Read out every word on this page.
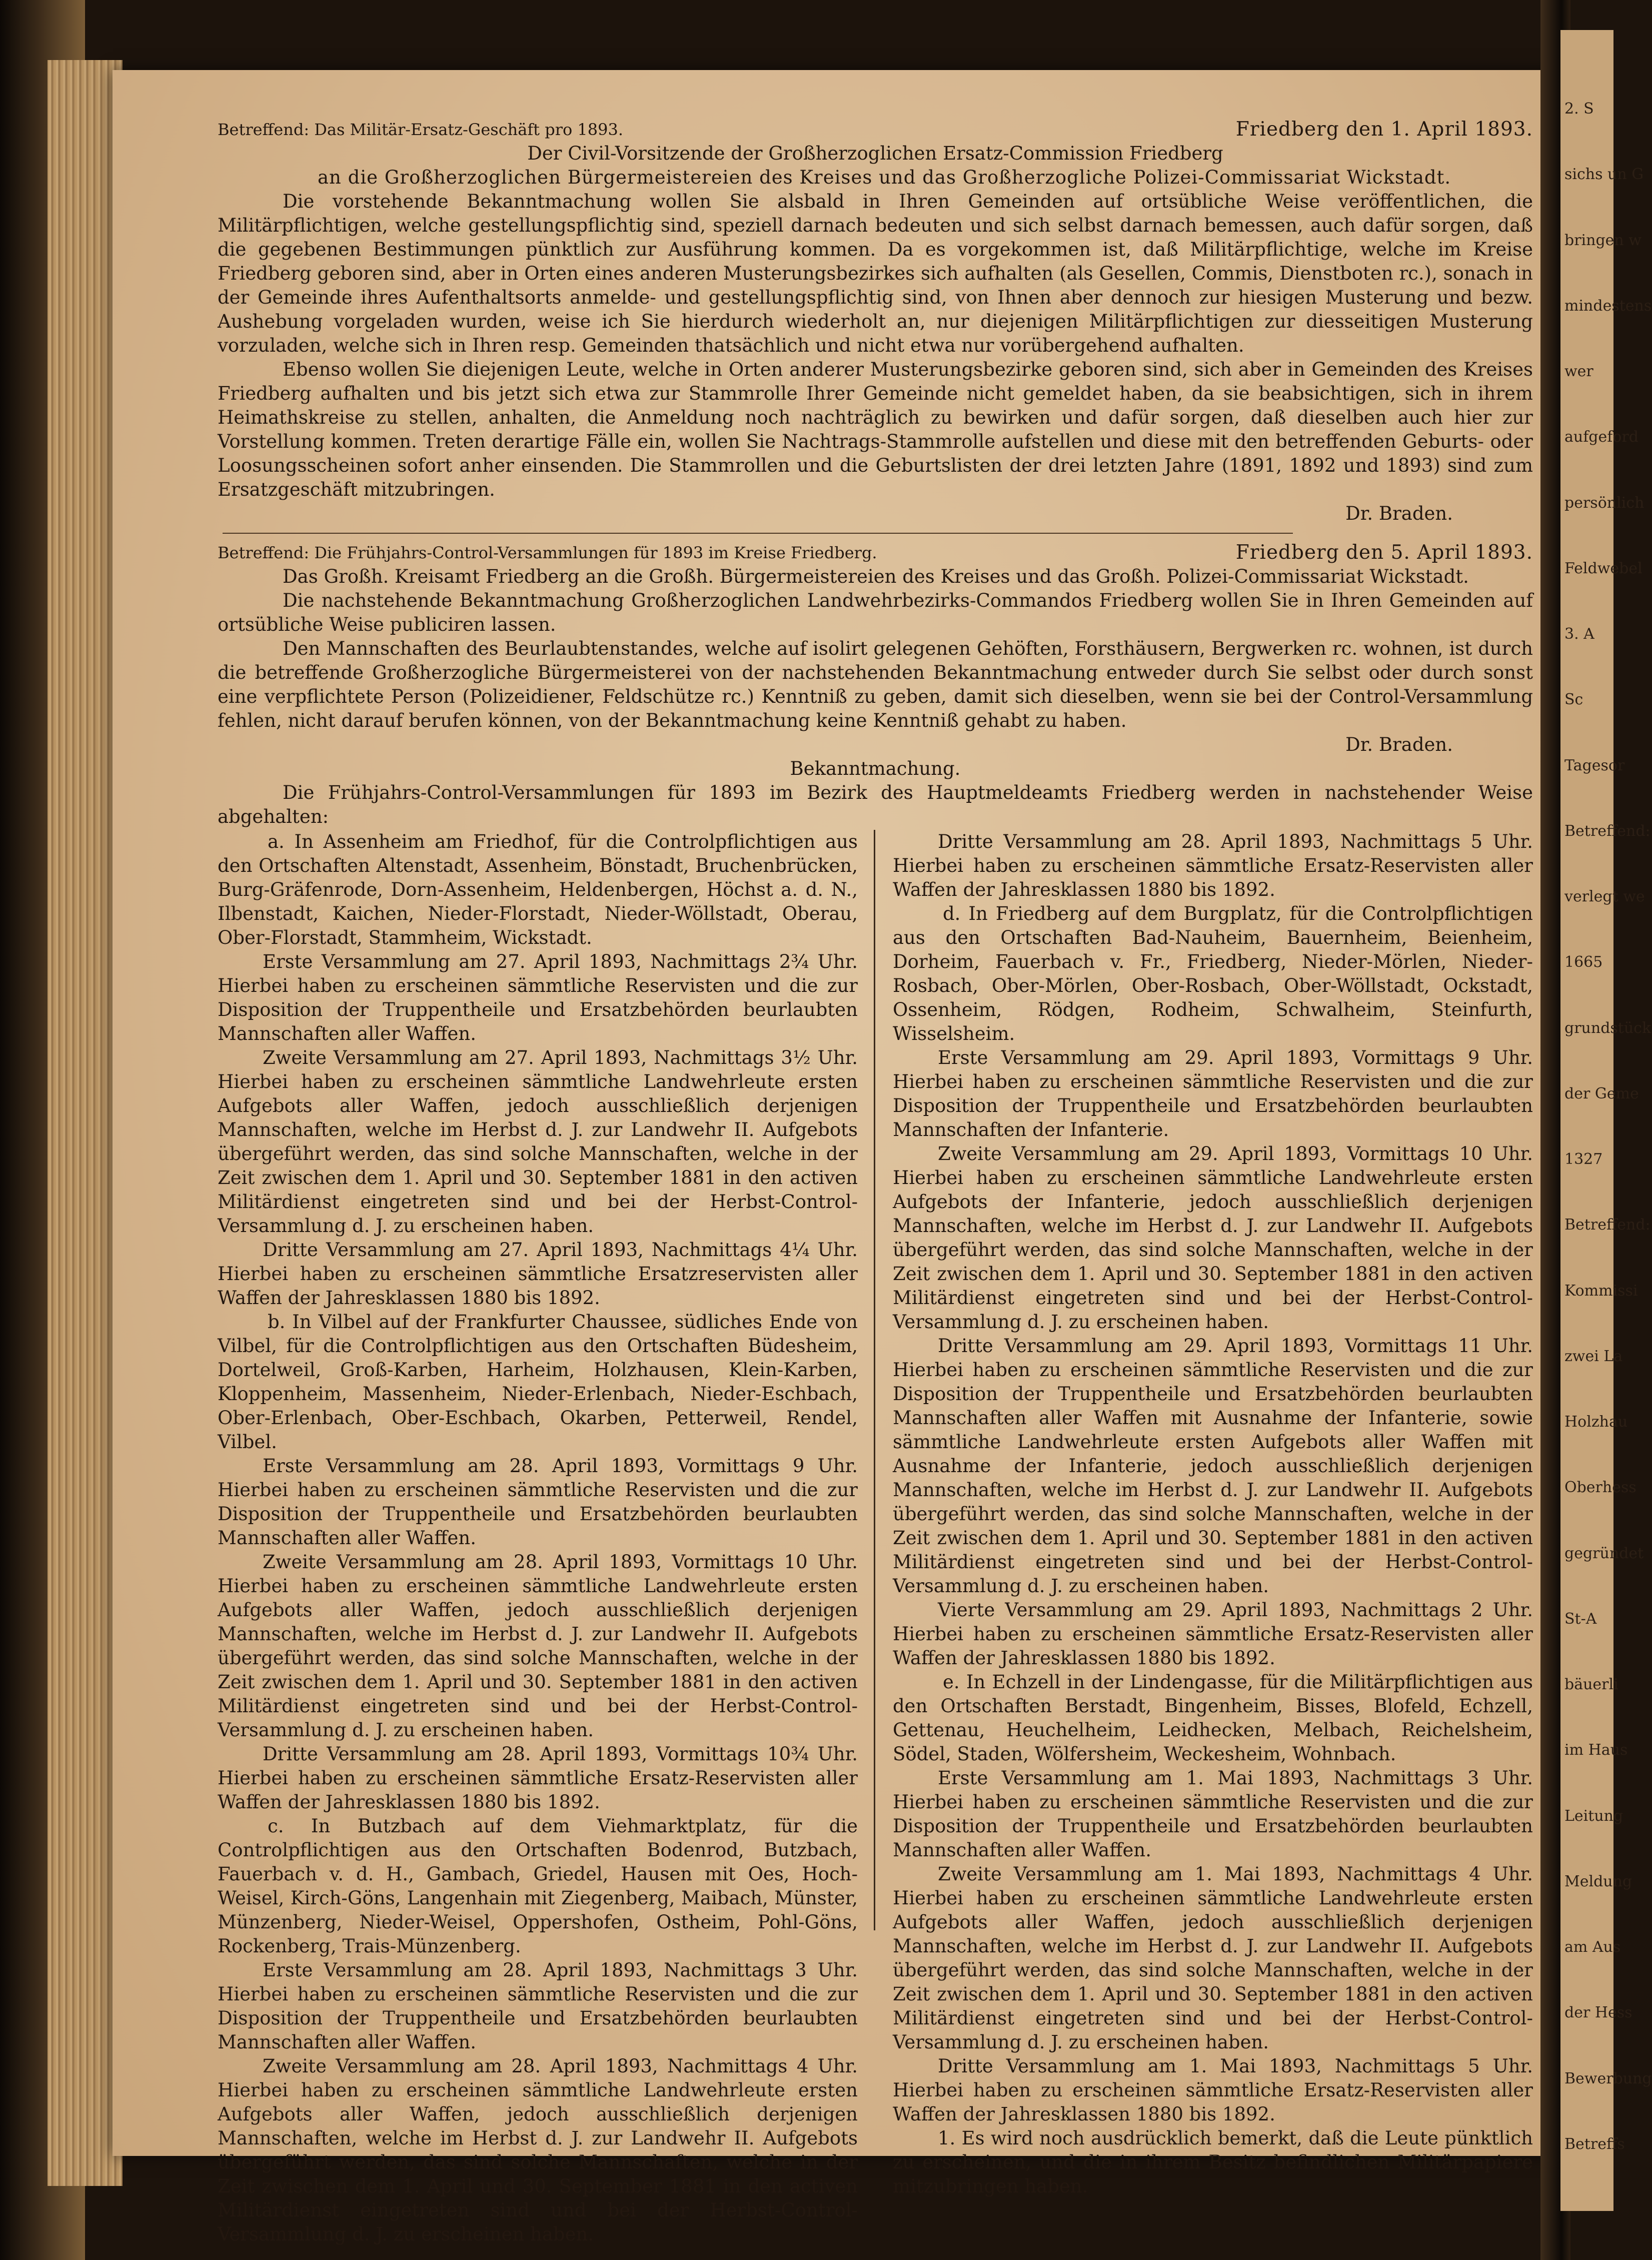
Betreffend: Das Militär-Ersatz-Geschäft pro 1893.	Friedberg den 1. April 1893.
Der Civil-Vorsitzende der Großherzoglichen Ersatz-Commission Friedberg
an die Großherzoglichen Bürgermeistereien des Kreises und das Großherzogliche Polizei-Commissariat Wickstadt.

Die vorstehende Bekanntmachung wollen Sie alsbald in Ihren Gemeinden auf ortsübliche Weise veröffentlichen, die Militärpflichtigen, welche gestellungspflichtig sind, speziell darnach bedeuten und sich selbst darnach bemessen, auch dafür sorgen, daß die gegebenen Bestimmungen pünktlich zur Ausführung kommen. Da es vorgekommen ist, daß Militärpflichtige, welche im Kreise Friedberg geboren sind, aber in Orten eines anderen Musterungsbezirkes sich aufhalten (als Gesellen, Commis, Dienstboten rc.), sonach in der Gemeinde ihres Aufenthaltsorts anmelde- und gestellungspflichtig sind, von Ihnen aber dennoch zur hiesigen Musterung und bezw. Aushebung vorgeladen wurden, weise ich Sie hierdurch wiederholt an, nur diejenigen Militärpflichtigen zur diesseitigen Musterung vorzuladen, welche sich in Ihren resp. Gemeinden thatsächlich und nicht etwa nur vorübergehend aufhalten.

Ebenso wollen Sie diejenigen Leute, welche in Orten anderer Musterungsbezirke geboren sind, sich aber in Gemeinden des Kreises Friedberg aufhalten und bis jetzt sich etwa zur Stammrolle Ihrer Gemeinde nicht gemeldet haben, da sie beabsichtigen, sich in ihrem Heimathskreise zu stellen, anhalten, die Anmeldung noch nachträglich zu bewirken und dafür sorgen, daß dieselben auch hier zur Vorstellung kommen. Treten derartige Fälle ein, wollen Sie Nachtrags-Stammrolle aufstellen und diese mit den betreffenden Geburts- oder Loosungsscheinen sofort anher einsenden. Die Stammrollen und die Geburtslisten der drei letzten Jahre (1891, 1892 und 1893) sind zum Ersatzgeschäft mitzubringen.

Dr. Braden.
Betreffend: Die Frühjahrs-Control-Versammlungen für 1893 im Kreise Friedberg.	Friedberg den 5. April 1893.

Das Großh. Kreisamt Friedberg an die Großh. Bürgermeistereien des Kreises und das Großh. Polizei-Commissariat Wickstadt.

Die nachstehende Bekanntmachung Großherzoglichen Landwehrbezirks-Commandos Friedberg wollen Sie in Ihren Gemeinden auf ortsübliche Weise publiciren lassen.

Den Mannschaften des Beurlaubtenstandes, welche auf isolirt gelegenen Gehöften, Forsthäusern, Bergwerken rc. wohnen, ist durch die betreffende Großherzogliche Bürgermeisterei von der nachstehenden Bekanntmachung entweder durch Sie selbst oder durch sonst eine verpflichtete Person (Polizeidiener, Feldschütze rc.) Kenntniß zu geben, damit sich dieselben, wenn sie bei der Control-Versammlung fehlen, nicht darauf berufen können, von der Bekanntmachung keine Kenntniß gehabt zu haben.

Dr. Braden.
Bekanntmachung.

Die Frühjahrs-Control-Versammlungen für 1893 im Bezirk des Hauptmeldeamts Friedberg werden in nachstehender Weise abgehalten:

a. In Assenheim am Friedhof, für die Controlpflichtigen aus den Ortschaften Altenstadt, Assenheim, Bönstadt, Bruchenbrücken, Burg-Gräfenrode, Dorn-Assenheim, Heldenbergen, Höchst a. d. N., Ilbenstadt, Kaichen, Nieder-Florstadt, Nieder-Wöllstadt, Oberau, Ober-Florstadt, Stammheim, Wickstadt.

Erste Versammlung am 27. April 1893, Nachmittags 2¾ Uhr. Hierbei haben zu erscheinen sämmtliche Reservisten und die zur Disposition der Truppentheile und Ersatzbehörden beurlaubten Mannschaften aller Waffen.

Zweite Versammlung am 27. April 1893, Nachmittags 3½ Uhr. Hierbei haben zu erscheinen sämmtliche Landwehrleute ersten Aufgebots aller Waffen, jedoch ausschließlich derjenigen Mannschaften, welche im Herbst d. J. zur Landwehr II. Aufgebots übergeführt werden, das sind solche Mannschaften, welche in der Zeit zwischen dem 1. April und 30. September 1881 in den activen Militärdienst eingetreten sind und bei der Herbst-Control-Versammlung d. J. zu erscheinen haben.

Dritte Versammlung am 27. April 1893, Nachmittags 4¼ Uhr. Hierbei haben zu erscheinen sämmtliche Ersatzreservisten aller Waffen der Jahresklassen 1880 bis 1892.

b. In Vilbel auf der Frankfurter Chaussee, südliches Ende von Vilbel, für die Controlpflichtigen aus den Ortschaften Büdesheim, Dortelweil, Groß-Karben, Harheim, Holzhausen, Klein-Karben, Kloppenheim, Massenheim, Nieder-Erlenbach, Nieder-Eschbach, Ober-Erlenbach, Ober-Eschbach, Okarben, Petterweil, Rendel, Vilbel.

Erste Versammlung am 28. April 1893, Vormittags 9 Uhr. Hierbei haben zu erscheinen sämmtliche Reservisten und die zur Disposition der Truppentheile und Ersatzbehörden beurlaubten Mannschaften aller Waffen.

Zweite Versammlung am 28. April 1893, Vormittags 10 Uhr. Hierbei haben zu erscheinen sämmtliche Landwehrleute ersten Aufgebots aller Waffen, jedoch ausschließlich derjenigen Mannschaften, welche im Herbst d. J. zur Landwehr II. Aufgebots übergeführt werden, das sind solche Mannschaften, welche in der Zeit zwischen dem 1. April und 30. September 1881 in den activen Militärdienst eingetreten sind und bei der Herbst-Control-Versammlung d. J. zu erscheinen haben.

Dritte Versammlung am 28. April 1893, Vormittags 10¾ Uhr. Hierbei haben zu erscheinen sämmtliche Ersatz-Reservisten aller Waffen der Jahresklassen 1880 bis 1892.

c. In Butzbach auf dem Viehmarktplatz, für die Controlpflichtigen aus den Ortschaften Bodenrod, Butzbach, Fauerbach v. d. H., Gambach, Griedel, Hausen mit Oes, Hoch-Weisel, Kirch-Göns, Langenhain mit Ziegenberg, Maibach, Münster, Münzenberg, Nieder-Weisel, Oppershofen, Ostheim, Pohl-Göns, Rockenberg, Trais-Münzenberg.

Erste Versammlung am 28. April 1893, Nachmittags 3 Uhr. Hierbei haben zu erscheinen sämmtliche Reservisten und die zur Disposition der Truppentheile und Ersatzbehörden beurlaubten Mannschaften aller Waffen.

Zweite Versammlung am 28. April 1893, Nachmittags 4 Uhr. Hierbei haben zu erscheinen sämmtliche Landwehrleute ersten Aufgebots aller Waffen, jedoch ausschließlich derjenigen Mannschaften, welche im Herbst d. J. zur Landwehr II. Aufgebots übergeführt werden, das sind solche Mannschaften, welche in der Zeit zwischen dem 1. April und 30. September 1881 in den activen Militärdienst eingetreten sind und bei der Herbst-Control-Versammlung d. J. zu erscheinen haben.

Dritte Versammlung am 28. April 1893, Nachmittags 5 Uhr. Hierbei haben zu erscheinen sämmtliche Ersatz-Reservisten aller Waffen der Jahresklassen 1880 bis 1892.

d. In Friedberg auf dem Burgplatz, für die Controlpflichtigen aus den Ortschaften Bad-Nauheim, Bauernheim, Beienheim, Dorheim, Fauerbach v. Fr., Friedberg, Nieder-Mörlen, Nieder-Rosbach, Ober-Mörlen, Ober-Rosbach, Ober-Wöllstadt, Ockstadt, Ossenheim, Rödgen, Rodheim, Schwalheim, Steinfurth, Wisselsheim.

Erste Versammlung am 29. April 1893, Vormittags 9 Uhr. Hierbei haben zu erscheinen sämmtliche Reservisten und die zur Disposition der Truppentheile und Ersatzbehörden beurlaubten Mannschaften der Infanterie.

Zweite Versammlung am 29. April 1893, Vormittags 10 Uhr. Hierbei haben zu erscheinen sämmtliche Landwehrleute ersten Aufgebots der Infanterie, jedoch ausschließlich derjenigen Mannschaften, welche im Herbst d. J. zur Landwehr II. Aufgebots übergeführt werden, das sind solche Mannschaften, welche in der Zeit zwischen dem 1. April und 30. September 1881 in den activen Militärdienst eingetreten sind und bei der Herbst-Control-Versammlung d. J. zu erscheinen haben.

Dritte Versammlung am 29. April 1893, Vormittags 11 Uhr. Hierbei haben zu erscheinen sämmtliche Reservisten und die zur Disposition der Truppentheile und Ersatzbehörden beurlaubten Mannschaften aller Waffen mit Ausnahme der Infanterie, sowie sämmtliche Landwehrleute ersten Aufgebots aller Waffen mit Ausnahme der Infanterie, jedoch ausschließlich derjenigen Mannschaften, welche im Herbst d. J. zur Landwehr II. Aufgebots übergeführt werden, das sind solche Mannschaften, welche in der Zeit zwischen dem 1. April und 30. September 1881 in den activen Militärdienst eingetreten sind und bei der Herbst-Control-Versammlung d. J. zu erscheinen haben.

Vierte Versammlung am 29. April 1893, Nachmittags 2 Uhr. Hierbei haben zu erscheinen sämmtliche Ersatz-Reservisten aller Waffen der Jahresklassen 1880 bis 1892.

e. In Echzell in der Lindengasse, für die Militärpflichtigen aus den Ortschaften Berstadt, Bingenheim, Bisses, Blofeld, Echzell, Gettenau, Heuchelheim, Leidhecken, Melbach, Reichelsheim, Södel, Staden, Wölfersheim, Weckesheim, Wohnbach.

Erste Versammlung am 1. Mai 1893, Nachmittags 3 Uhr. Hierbei haben zu erscheinen sämmtliche Reservisten und die zur Disposition der Truppentheile und Ersatzbehörden beurlaubten Mannschaften aller Waffen.

Zweite Versammlung am 1. Mai 1893, Nachmittags 4 Uhr. Hierbei haben zu erscheinen sämmtliche Landwehrleute ersten Aufgebots aller Waffen, jedoch ausschließlich derjenigen Mannschaften, welche im Herbst d. J. zur Landwehr II. Aufgebots übergeführt werden, das sind solche Mannschaften, welche in der Zeit zwischen dem 1. April und 30. September 1881 in den activen Militärdienst eingetreten sind und bei der Herbst-Control-Versammlung d. J. zu erscheinen haben.

Dritte Versammlung am 1. Mai 1893, Nachmittags 5 Uhr. Hierbei haben zu erscheinen sämmtliche Ersatz-Reservisten aller Waffen der Jahresklassen 1880 bis 1892.

1. Es wird noch ausdrücklich bemerkt, daß die Leute pünktlich zu erscheinen, und die in ihrem Besitz befindlichen Militärpapiere mitzubringen haben.

2. S
sichs un G
bringen w
mindestens
wer
aufgeford
persönlich
Feldwebel
3. A
Sc
Tagesor
Betreffend:
verlegt we
1665
grundstück
der Geme
1327
Betreffend:
Kommissi
zwei La
Holzhau
Oberhess
gegründet
St-A
bäuerli
im Haus
Leitung
Meldung
am Aus
der Hess
Bewerbung
Betreffs
